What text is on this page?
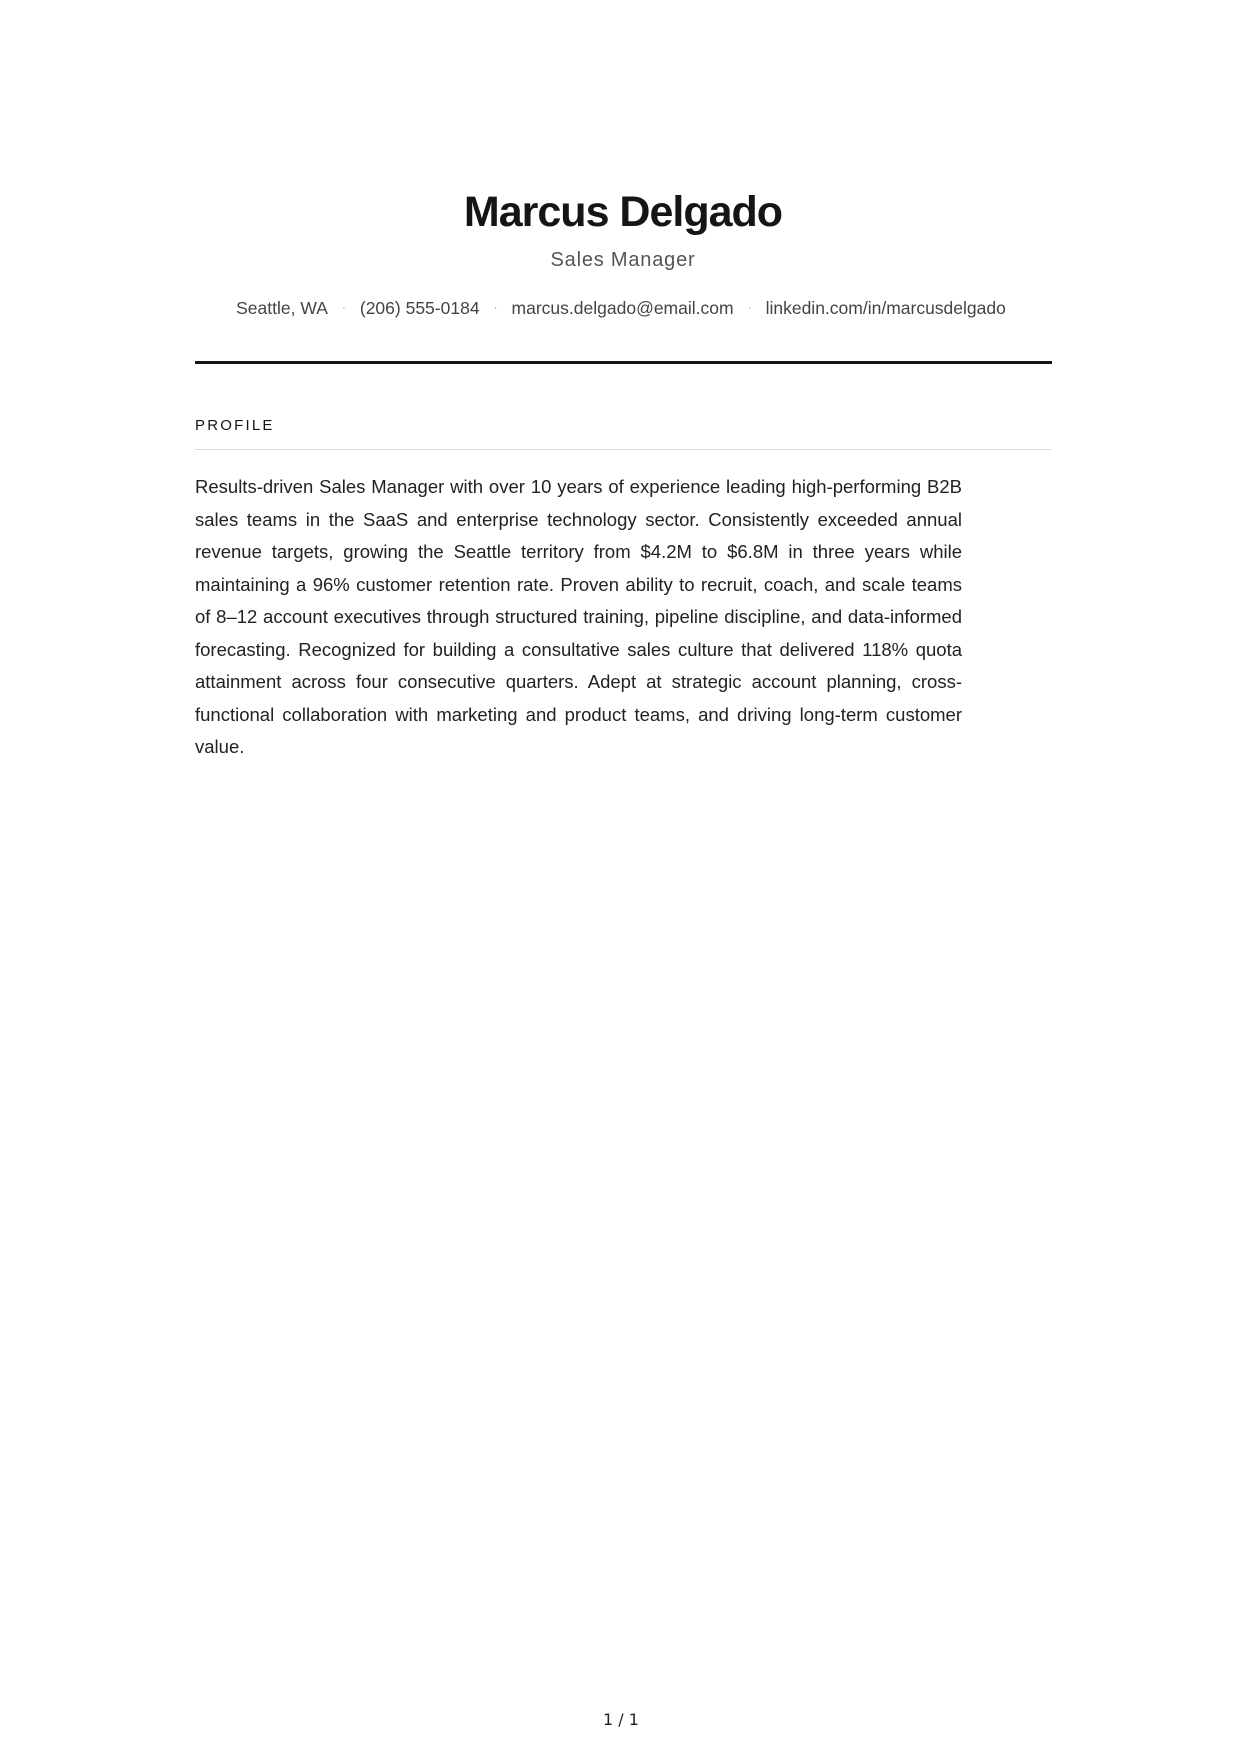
Marcus Delgado
Sales Manager
Seattle, WA · (206) 555-0184 · marcus.delgado@email.com · linkedin.com/in/marcusdelgado
PROFILE

Results-driven Sales Manager with over 10 years of experience leading high-performing B2B sales teams in the SaaS and enterprise technology sector. Consistently exceeded annual revenue targets, growing the Seattle territory from $4.2M to $6.8M in three years while maintaining a 96% customer retention rate. Proven ability to recruit, coach, and scale teams of 8–12 account executives through structured training, pipeline discipline, and data-informed forecasting. Recognized for building a consultative sales culture that delivered 118% quota attainment across four consecutive quarters. Adept at strategic account planning, cross-functional collaboration with marketing and product teams, and driving long-term customer value.

1 / 1
